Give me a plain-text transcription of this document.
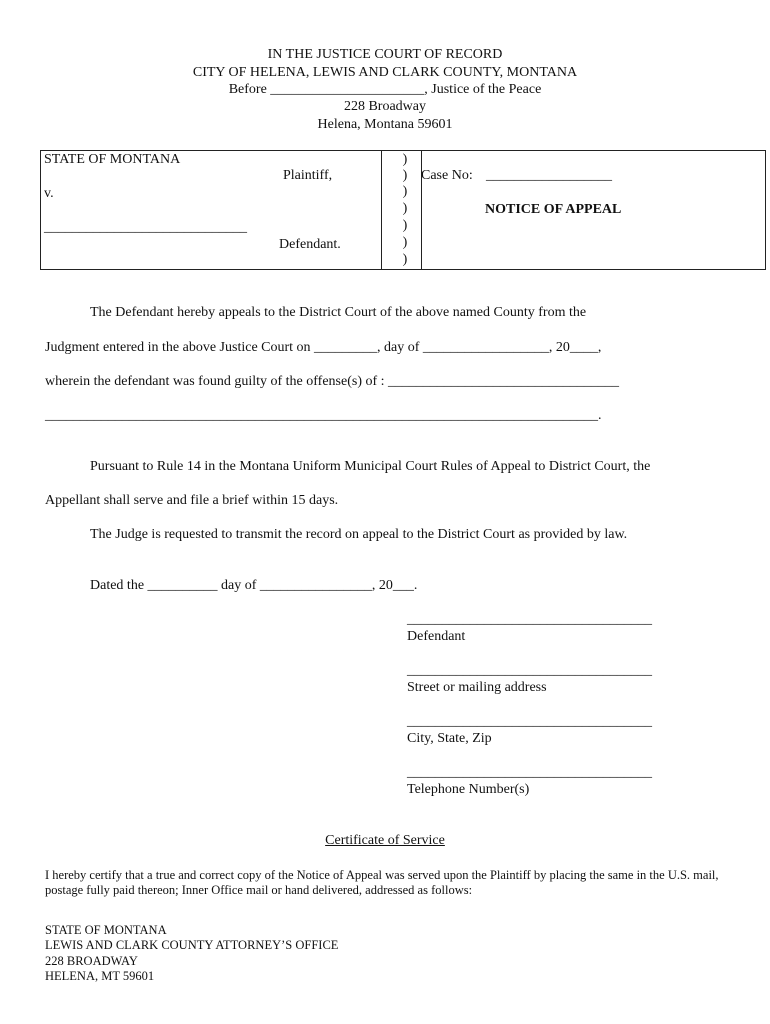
IN THE JUSTICE COURT OF RECORD
CITY OF HELENA, LEWIS AND CLARK COUNTY, MONTANA
Before ______________________, Justice of the Peace
228 Broadway
Helena, Montana 59601
STATE OF MONTANA
Plaintiff,
v.
_____________________________
Defendant.
)
)
)
)
)
)
)
Case No: __________________
NOTICE OF APPEAL
The Defendant hereby appeals to the District Court of the above named County from the
Judgment entered in the above Justice Court on _________, day of __________________, 20____,
wherein the defendant was found guilty of the offense(s) of : _________________________________
_______________________________________________________________________________.
Pursuant to Rule 14 in the Montana Uniform Municipal Court Rules of Appeal to District Court, the
Appellant shall serve and file a brief within 15 days.
The Judge is requested to transmit the record on appeal to the District Court as provided by law.
Dated the __________ day of ________________, 20___.
___________________________________
Defendant
___________________________________
Street or mailing address
___________________________________
City, State, Zip
___________________________________
Telephone Number(s)
Certificate of Service
I hereby certify that a true and correct copy of the Notice of Appeal was served upon the Plaintiff by placing the same in the U.S. mail,
postage fully paid thereon; Inner Office mail or hand delivered, addressed as follows:
STATE OF MONTANA
LEWIS AND CLARK COUNTY ATTORNEY’S OFFICE
228 BROADWAY
HELENA, MT 59601
